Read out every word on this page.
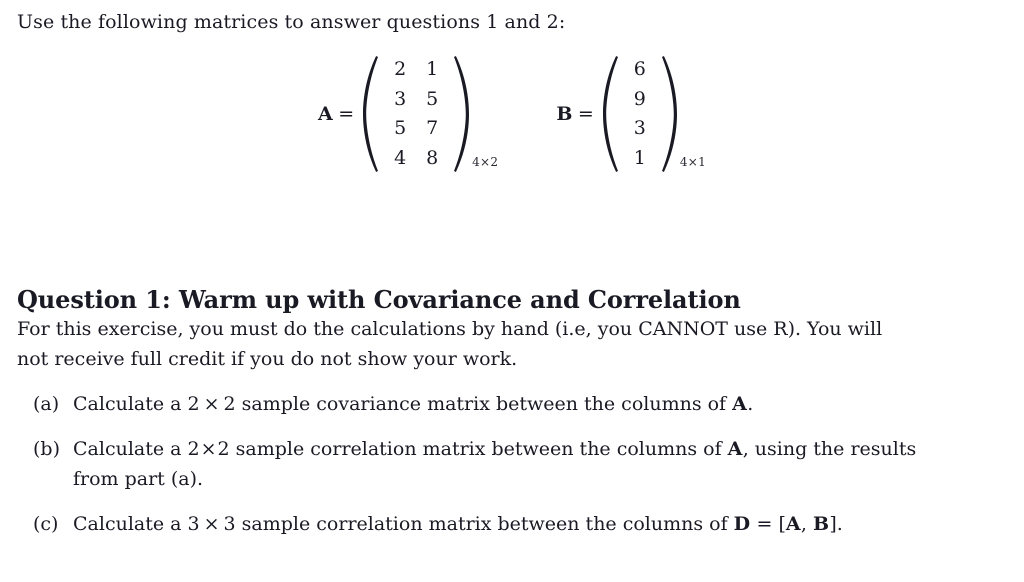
Use the following matrices to answer questions 1 and 2:
A =
2	1
3	5
5	7
4	8	4×2
B =
6
9
3
1	4×1
Question 1: Warm up with Covariance and Correlation
For this exercise, you must do the calculations by hand (i.e, you CANNOT use R). You will
not receive full credit if you do not show your work.
(a) Calculate a 2 × 2 sample covariance matrix between the columns of A.
(b) Calculate a 2×2 sample correlation matrix between the columns of A, using the results
from part (a).
(c) Calculate a 3 × 3 sample correlation matrix between the columns of D = [A, B].
